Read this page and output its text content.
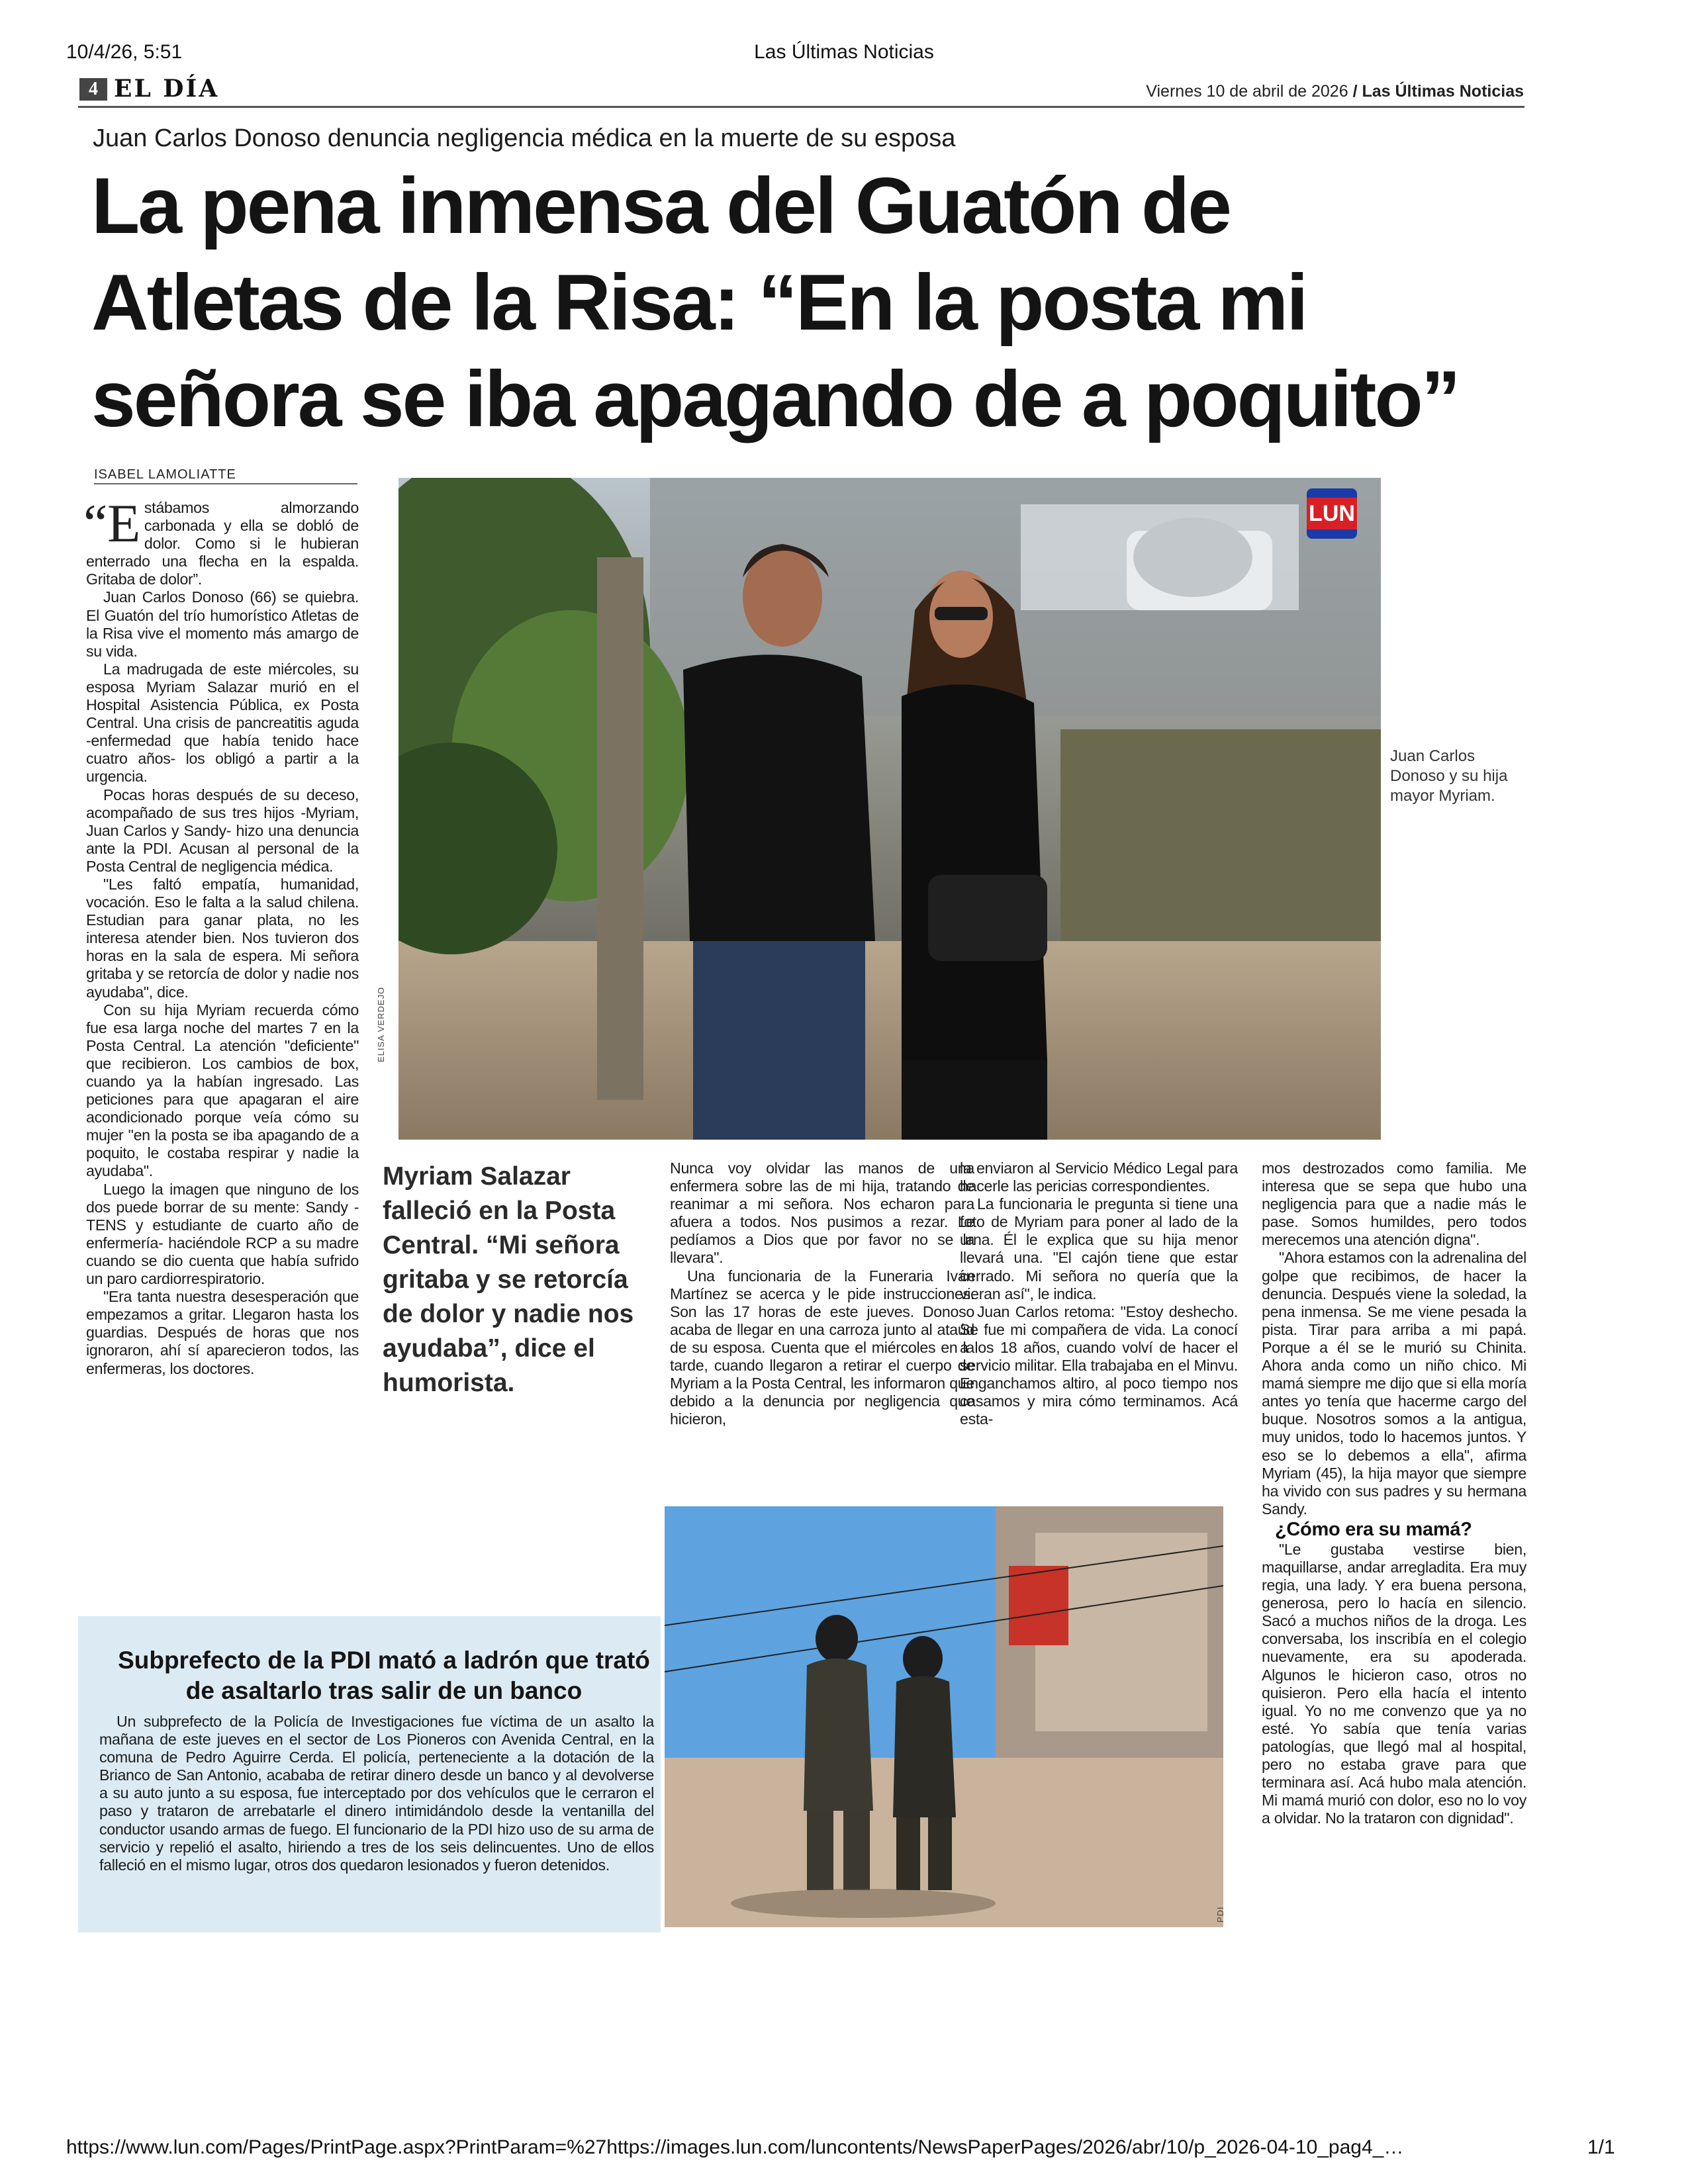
10/4/26, 5:51	Las Últimas Noticias
4 EL DÍA	Viernes 10 de abril de 2026 / Las Últimas Noticias
Juan Carlos Donoso denuncia negligencia médica en la muerte de su esposa
La pena inmensa del Guatón de
Atletas de la Risa: “En la posta mi
señora se iba apagando de a poquito”
ISABEL LAMOLIATTE

“Estábamos almorzando carbonada y ella se dobló de dolor. Como si le hubieran enterrado una flecha en la espalda. Gritaba de dolor”.

Juan Carlos Donoso (66) se quiebra. El Guatón del trío humorístico Atletas de la Risa vive el momento más amargo de su vida.

La madrugada de este miércoles, su esposa Myriam Salazar murió en el Hospital Asistencia Pública, ex Posta Central. Una crisis de pancreatitis aguda -enfermedad que había tenido hace cuatro años- los obligó a partir a la urgencia.

Pocas horas después de su deceso, acompañado de sus tres hijos -Myriam, Juan Carlos y Sandy- hizo una denuncia ante la PDI. Acusan al personal de la Posta Central de negligencia médica.

"Les faltó empatía, humanidad, vocación. Eso le falta a la salud chilena. Estudian para ganar plata, no les interesa atender bien. Nos tuvieron dos horas en la sala de espera. Mi señora gritaba y se retorcía de dolor y nadie nos ayudaba", dice.

Con su hija Myriam recuerda cómo fue esa larga noche del martes 7 en la Posta Central. La atención "deficiente" que recibieron. Los cambios de box, cuando ya la habían ingresado. Las peticiones para que apagaran el aire acondicionado porque veía cómo su mujer "en la posta se iba apagando de a poquito, le costaba respirar y nadie la ayudaba".

Luego la imagen que ninguno de los dos puede borrar de su mente: Sandy -TENS y estudiante de cuarto año de enfermería- haciéndole RCP a su madre cuando se dio cuenta que había sufrido un paro cardiorrespiratorio.

"Era tanta nuestra desesperación que empezamos a gritar. Llegaron hasta los guardias. Después de horas que nos ignoraron, ahí sí aparecieron todos, las enfermeras, los doctores.

ELISA VERDEJO
LUN
Juan Carlos Donoso y su hija mayor Myriam.

Myriam Salazar falleció en la Posta Central. “Mi señora gritaba y se retorcía de dolor y nadie nos ayudaba”, dice el humorista.

Nunca voy olvidar las manos de una enfermera sobre las de mi hija, tratando de reanimar a mi señora. Nos echaron para afuera a todos. Nos pusimos a rezar. Le pedíamos a Dios que por favor no se la llevara".

Una funcionaria de la Funeraria Iván Martínez se acerca y le pide instrucciones. Son las 17 horas de este jueves. Donoso acaba de llegar en una carroza junto al ataúd de su esposa. Cuenta que el miércoles en la tarde, cuando llegaron a retirar el cuerpo de Myriam a la Posta Central, les informaron que debido a la denuncia por negligencia que hicieron,

la enviaron al Servicio Médico Legal para hacerle las pericias correspondientes.

La funcionaria le pregunta si tiene una foto de Myriam para poner al lado de la urna. Él le explica que su hija menor llevará una. "El cajón tiene que estar cerrado. Mi señora no quería que la vieran así", le indica.

Juan Carlos retoma: "Estoy deshecho. Se fue mi compañera de vida. La conocí a los 18 años, cuando volví de hacer el servicio militar. Ella trabajaba en el Minvu. Enganchamos altiro, al poco tiempo nos casamos y mira cómo terminamos. Acá esta-

mos destrozados como familia. Me interesa que se sepa que hubo una negligencia para que a nadie más le pase. Somos humildes, pero todos merecemos una atención digna".

"Ahora estamos con la adrenalina del golpe que recibimos, de hacer la denuncia. Después viene la soledad, la pena inmensa. Se me viene pesada la pista. Tirar para arriba a mi papá. Porque a él se le murió su Chinita. Ahora anda como un niño chico. Mi mamá siempre me dijo que si ella moría antes yo tenía que hacerme cargo del buque. Nosotros somos a la antigua, muy unidos, todo lo hacemos juntos. Y eso se lo debemos a ella", afirma Myriam (45), la hija mayor que siempre ha vivido con sus padres y su hermana Sandy.

¿Cómo era su mamá?

"Le gustaba vestirse bien, maquillarse, andar arregladita. Era muy regia, una lady. Y era buena persona, generosa, pero lo hacía en silencio. Sacó a muchos niños de la droga. Les conversaba, los inscribía en el colegio nuevamente, era su apoderada. Algunos le hicieron caso, otros no quisieron. Pero ella hacía el intento igual. Yo no me convenzo que ya no esté. Yo sabía que tenía varias patologías, que llegó mal al hospital, pero no estaba grave para que terminara así. Acá hubo mala atención. Mi mamá murió con dolor, eso no lo voy a olvidar. No la trataron con dignidad".

PDI
Subprefecto de la PDI mató a ladrón que trató de asaltarlo tras salir de un banco

Un subprefecto de la Policía de Investigaciones fue víctima de un asalto la mañana de este jueves en el sector de Los Pioneros con Avenida Central, en la comuna de Pedro Aguirre Cerda. El policía, perteneciente a la dotación de la Brianco de San Antonio, acababa de retirar dinero desde un banco y al devolverse a su auto junto a su esposa, fue interceptado por dos vehículos que le cerraron el paso y trataron de arrebatarle el dinero intimidándolo desde la ventanilla del conductor usando armas de fuego. El funcionario de la PDI hizo uso de su arma de servicio y repelió el asalto, hiriendo a tres de los seis delincuentes. Uno de ellos falleció en el mismo lugar, otros dos quedaron lesionados y fueron detenidos.

https://www.lun.com/Pages/PrintPage.aspx?PrintParam=%27https://images.lun.com/luncontents/NewsPaperPages/2026/abr/10/p_2026-04-10_pag4_…	1/1
